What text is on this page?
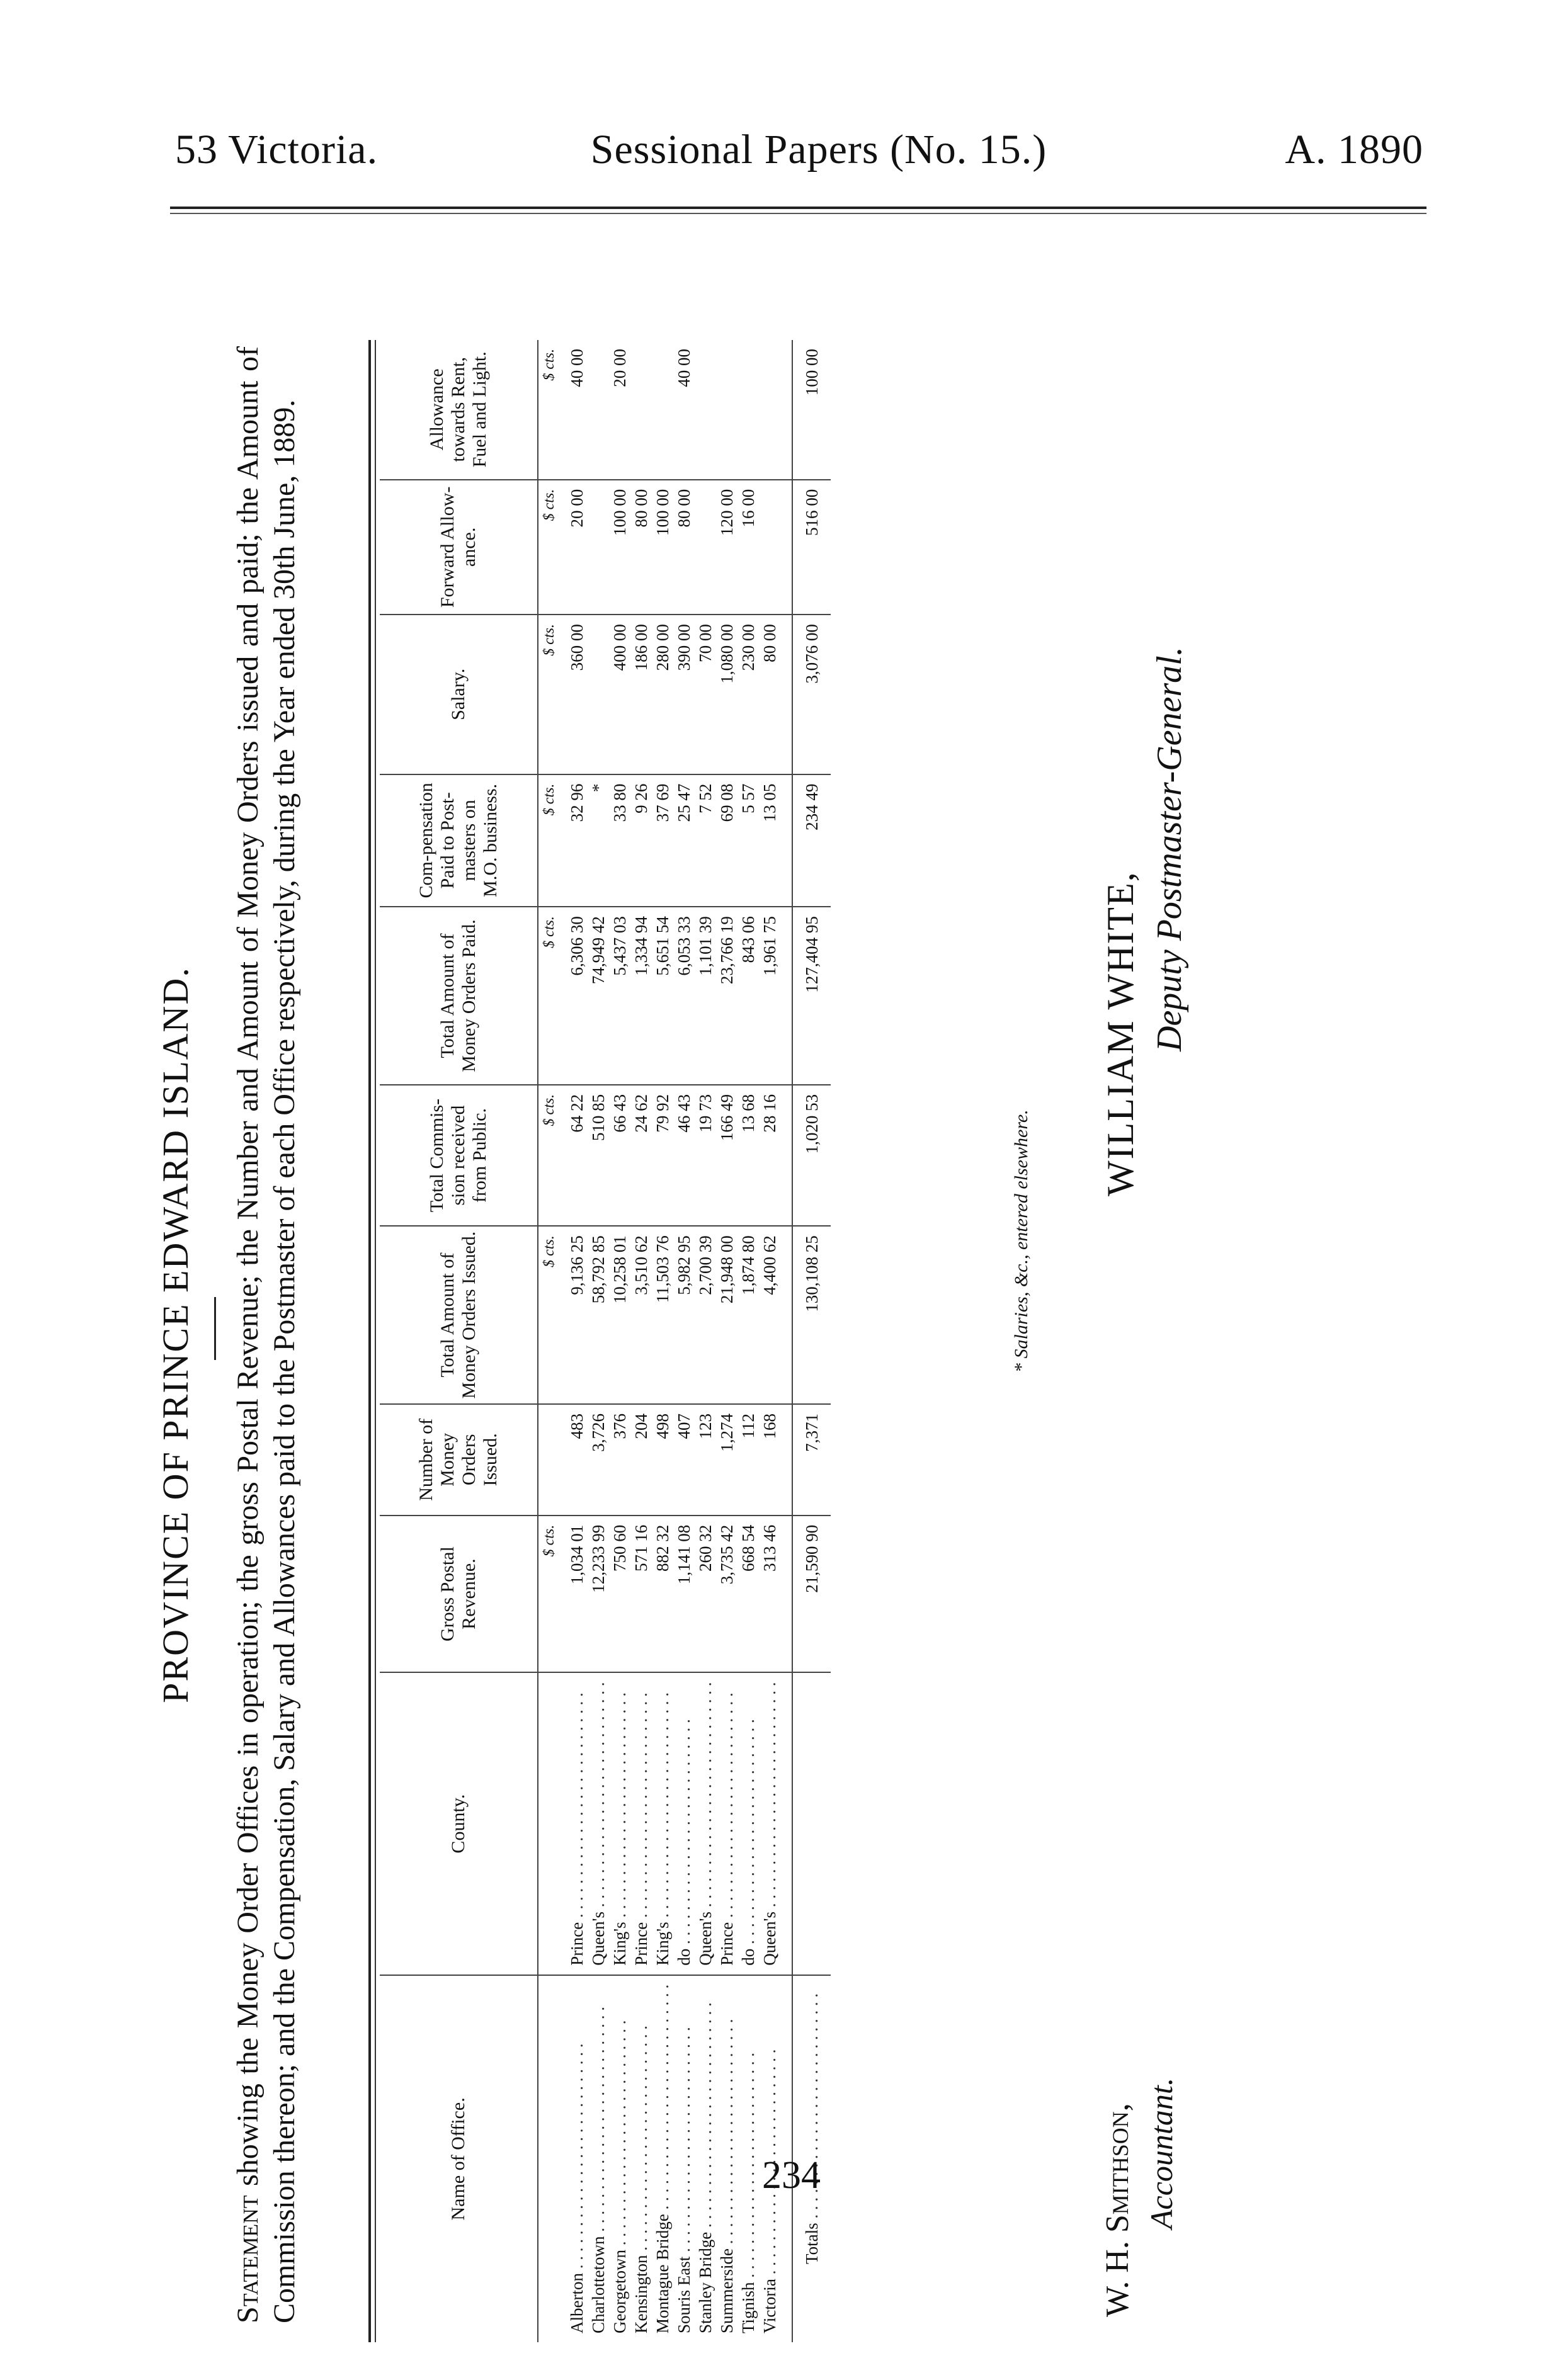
53 Victoria.	Sessional Papers (No. 15.)	A. 1890
PROVINCE OF PRINCE EDWARD ISLAND.
Statement showing the Money Order Offices in operation; the gross Postal Revenue; the Number and Amount of Money Orders issued and paid; the Amount of Commission thereon; and the Compensation, Salary and Allowances paid to the Postmaster of each Office respectively, during the Year ended 30th June, 1889.	Name of Office.	County.	Gross Postal Revenue.	Number of Money Orders Issued.	Total Amount of Money Orders Issued.	Total Commis-sion received from Public.	Total Amount of Money Orders Paid.	Com-pensation Paid to Post-masters on M.O. business.	Salary.	Forward Allow-ance.	Allowance towards Rent, Fuel and Light.
		$ cts.		$ cts.	$ cts.	$ cts.	$ cts.	$ cts.	$ cts.	$ cts.

Alberton . . .	Prince . . .	1,034 01	483	9,136 25	64 22	6,306 30	32 96	360 00	20 00	40 00

Charlottetown . . .	Queen's . . .	12,233 99	3,726	58,792 85	510 85	74,949 42	*			

Georgetown . . .	King's . . .	750 60	376	10,258 01	66 43	5,437 03	33 80	400 00	100 00	20 00

Kensington . . .	Prince . . .	571 16	204	3,510 62	24 62	1,334 94	9 26	186 00	80 00	

Montague Bridge . . .	King's . . .	882 32	498	11,503 76	79 92	5,651 54	37 69	280 00	100 00	

Souris East . . .	do . . .	1,141 08	407	5,982 95	46 43	6,053 33	25 47	390 00	80 00	40 00

Stanley Bridge . . .	Queen's . . .	260 32	123	2,700 39	19 73	1,101 39	7 52	70 00		

Summerside . . .	Prince . . .	3,735 42	1,274	21,948 00	166 49	23,766 19	69 08	1,080 00	120 00	

Tignish . . .	do . . .	668 54	112	1,874 80	13 68	843 06	5 57	230 00	16 00	

Victoria . . .	Queen's . . .	313 46	168	4,400 62	28 16	1,961 75	13 05	80 00		

Totals . . .		21,590 90	7,371	130,108 25	1,020 53	127,404 95	234 49	3,076 00	516 00	100 00
* Salaries, &c., entered elsewhere.
W. H. Smithson, Accountant.
WILLIAM WHITE, Deputy Postmaster-General.
234
